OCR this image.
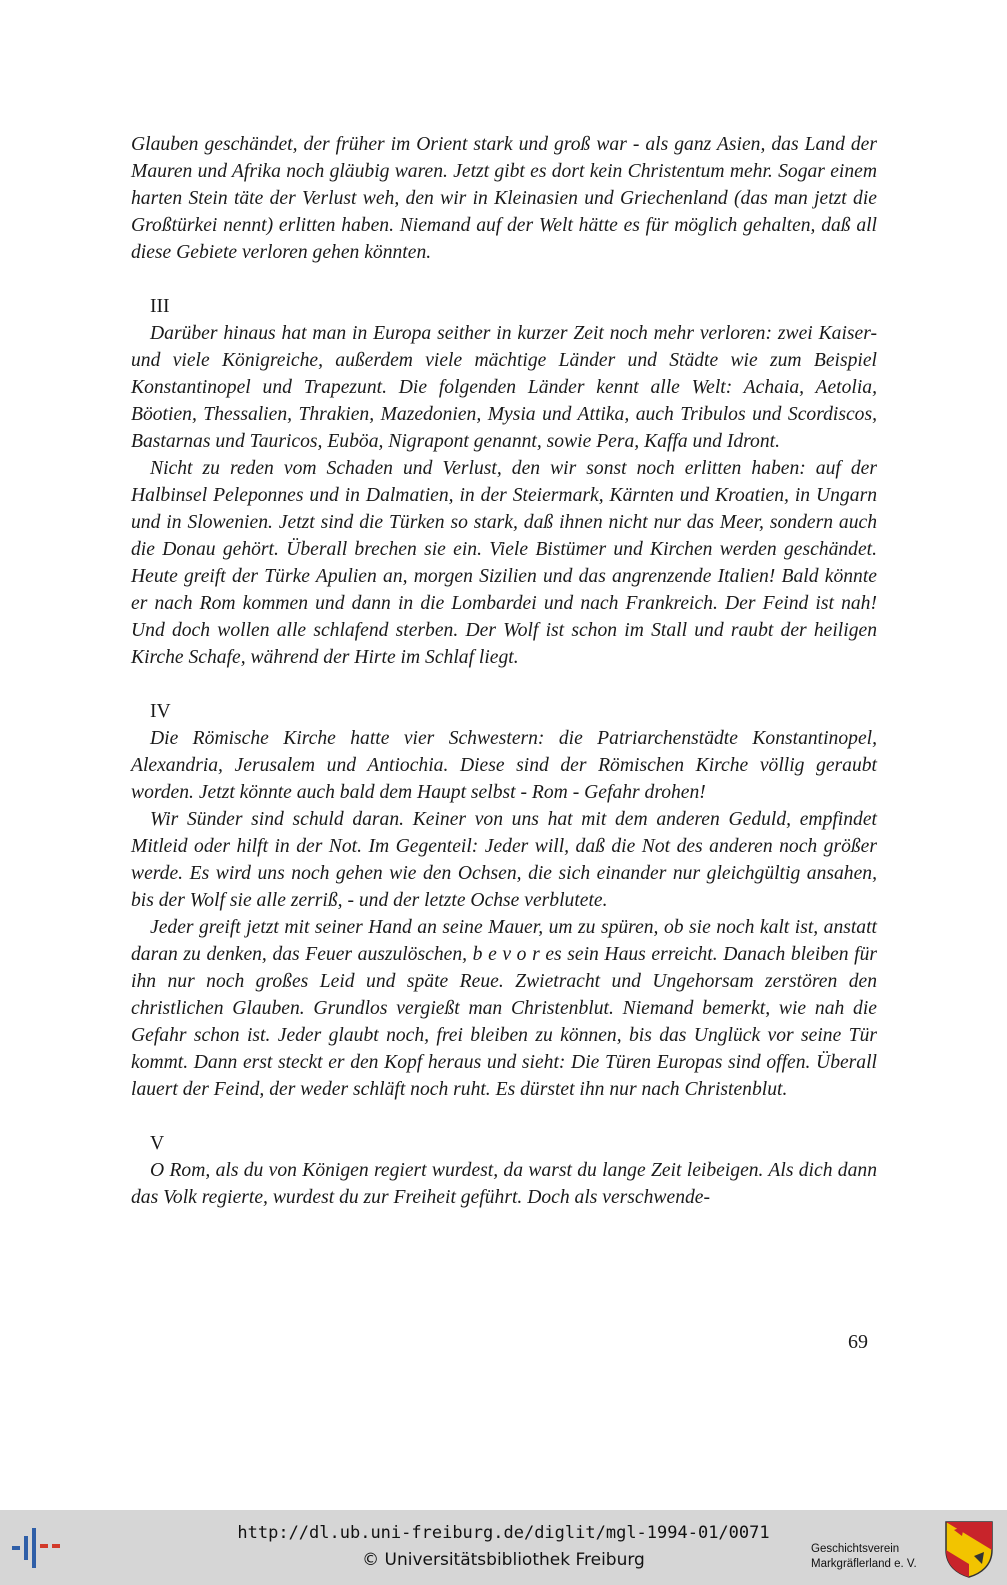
Glauben geschändet, der früher im Orient stark und groß war - als ganz Asien, das Land der Mauren und Afrika noch gläubig waren. Jetzt gibt es dort kein Christentum mehr. Sogar einem harten Stein täte der Verlust weh, den wir in Kleinasien und Griechenland (das man jetzt die Großtürkei nennt) erlitten haben. Niemand auf der Welt hätte es für möglich gehalten, daß all diese Gebiete verloren gehen könnten.

III

Darüber hinaus hat man in Europa seither in kurzer Zeit noch mehr verloren: zwei Kaiser- und viele Königreiche, außerdem viele mächtige Länder und Städte wie zum Beispiel Konstantinopel und Trapezunt. Die folgenden Länder kennt alle Welt: Achaia, Aetolia, Böotien, Thessalien, Thrakien, Mazedonien, Mysia und Attika, auch Tribulos und Scordiscos, Bastarnas und Tauricos, Euböa, Nigrapont genannt, sowie Pera, Kaffa und Idront.

Nicht zu reden vom Schaden und Verlust, den wir sonst noch erlitten haben: auf der Halbinsel Peleponnes und in Dalmatien, in der Steiermark, Kärnten und Kroatien, in Ungarn und in Slowenien. Jetzt sind die Türken so stark, daß ihnen nicht nur das Meer, sondern auch die Donau gehört. Überall brechen sie ein. Viele Bistümer und Kirchen werden geschändet. Heute greift der Türke Apulien an, morgen Sizilien und das angrenzende Italien! Bald könnte er nach Rom kommen und dann in die Lombardei und nach Frankreich. Der Feind ist nah! Und doch wollen alle schlafend sterben. Der Wolf ist schon im Stall und raubt der heiligen Kirche Schafe, während der Hirte im Schlaf liegt.

IV

Die Römische Kirche hatte vier Schwestern: die Patriarchenstädte Konstantinopel, Alexandria, Jerusalem und Antiochia. Diese sind der Römischen Kirche völlig geraubt worden. Jetzt könnte auch bald dem Haupt selbst - Rom - Gefahr drohen!

Wir Sünder sind schuld daran. Keiner von uns hat mit dem anderen Geduld, empfindet Mitleid oder hilft in der Not. Im Gegenteil: Jeder will, daß die Not des anderen noch größer werde. Es wird uns noch gehen wie den Ochsen, die sich einander nur gleichgültig ansahen, bis der Wolf sie alle zerriß, - und der letzte Ochse verblutete.

Jeder greift jetzt mit seiner Hand an seine Mauer, um zu spüren, ob sie noch kalt ist, anstatt daran zu denken, das Feuer auszulöschen, b e v o r es sein Haus erreicht. Danach bleiben für ihn nur noch großes Leid und späte Reue. Zwietracht und Ungehorsam zerstören den christlichen Glauben. Grundlos vergießt man Christenblut. Niemand bemerkt, wie nah die Gefahr schon ist. Jeder glaubt noch, frei bleiben zu können, bis das Unglück vor seine Tür kommt. Dann erst steckt er den Kopf heraus und sieht: Die Türen Europas sind offen. Überall lauert der Feind, der weder schläft noch ruht. Es dürstet ihn nur nach Christenblut.

V

O Rom, als du von Königen regiert wurdest, da warst du lange Zeit leibeigen. Als dich dann das Volk regierte, wurdest du zur Freiheit geführt. Doch als verschwende-

69
http://dl.ub.uni-freiburg.de/diglit/mgl-1994-01/0071
© Universitätsbibliothek Freiburg
Geschichtsverein
Markgräflerland e. V.
